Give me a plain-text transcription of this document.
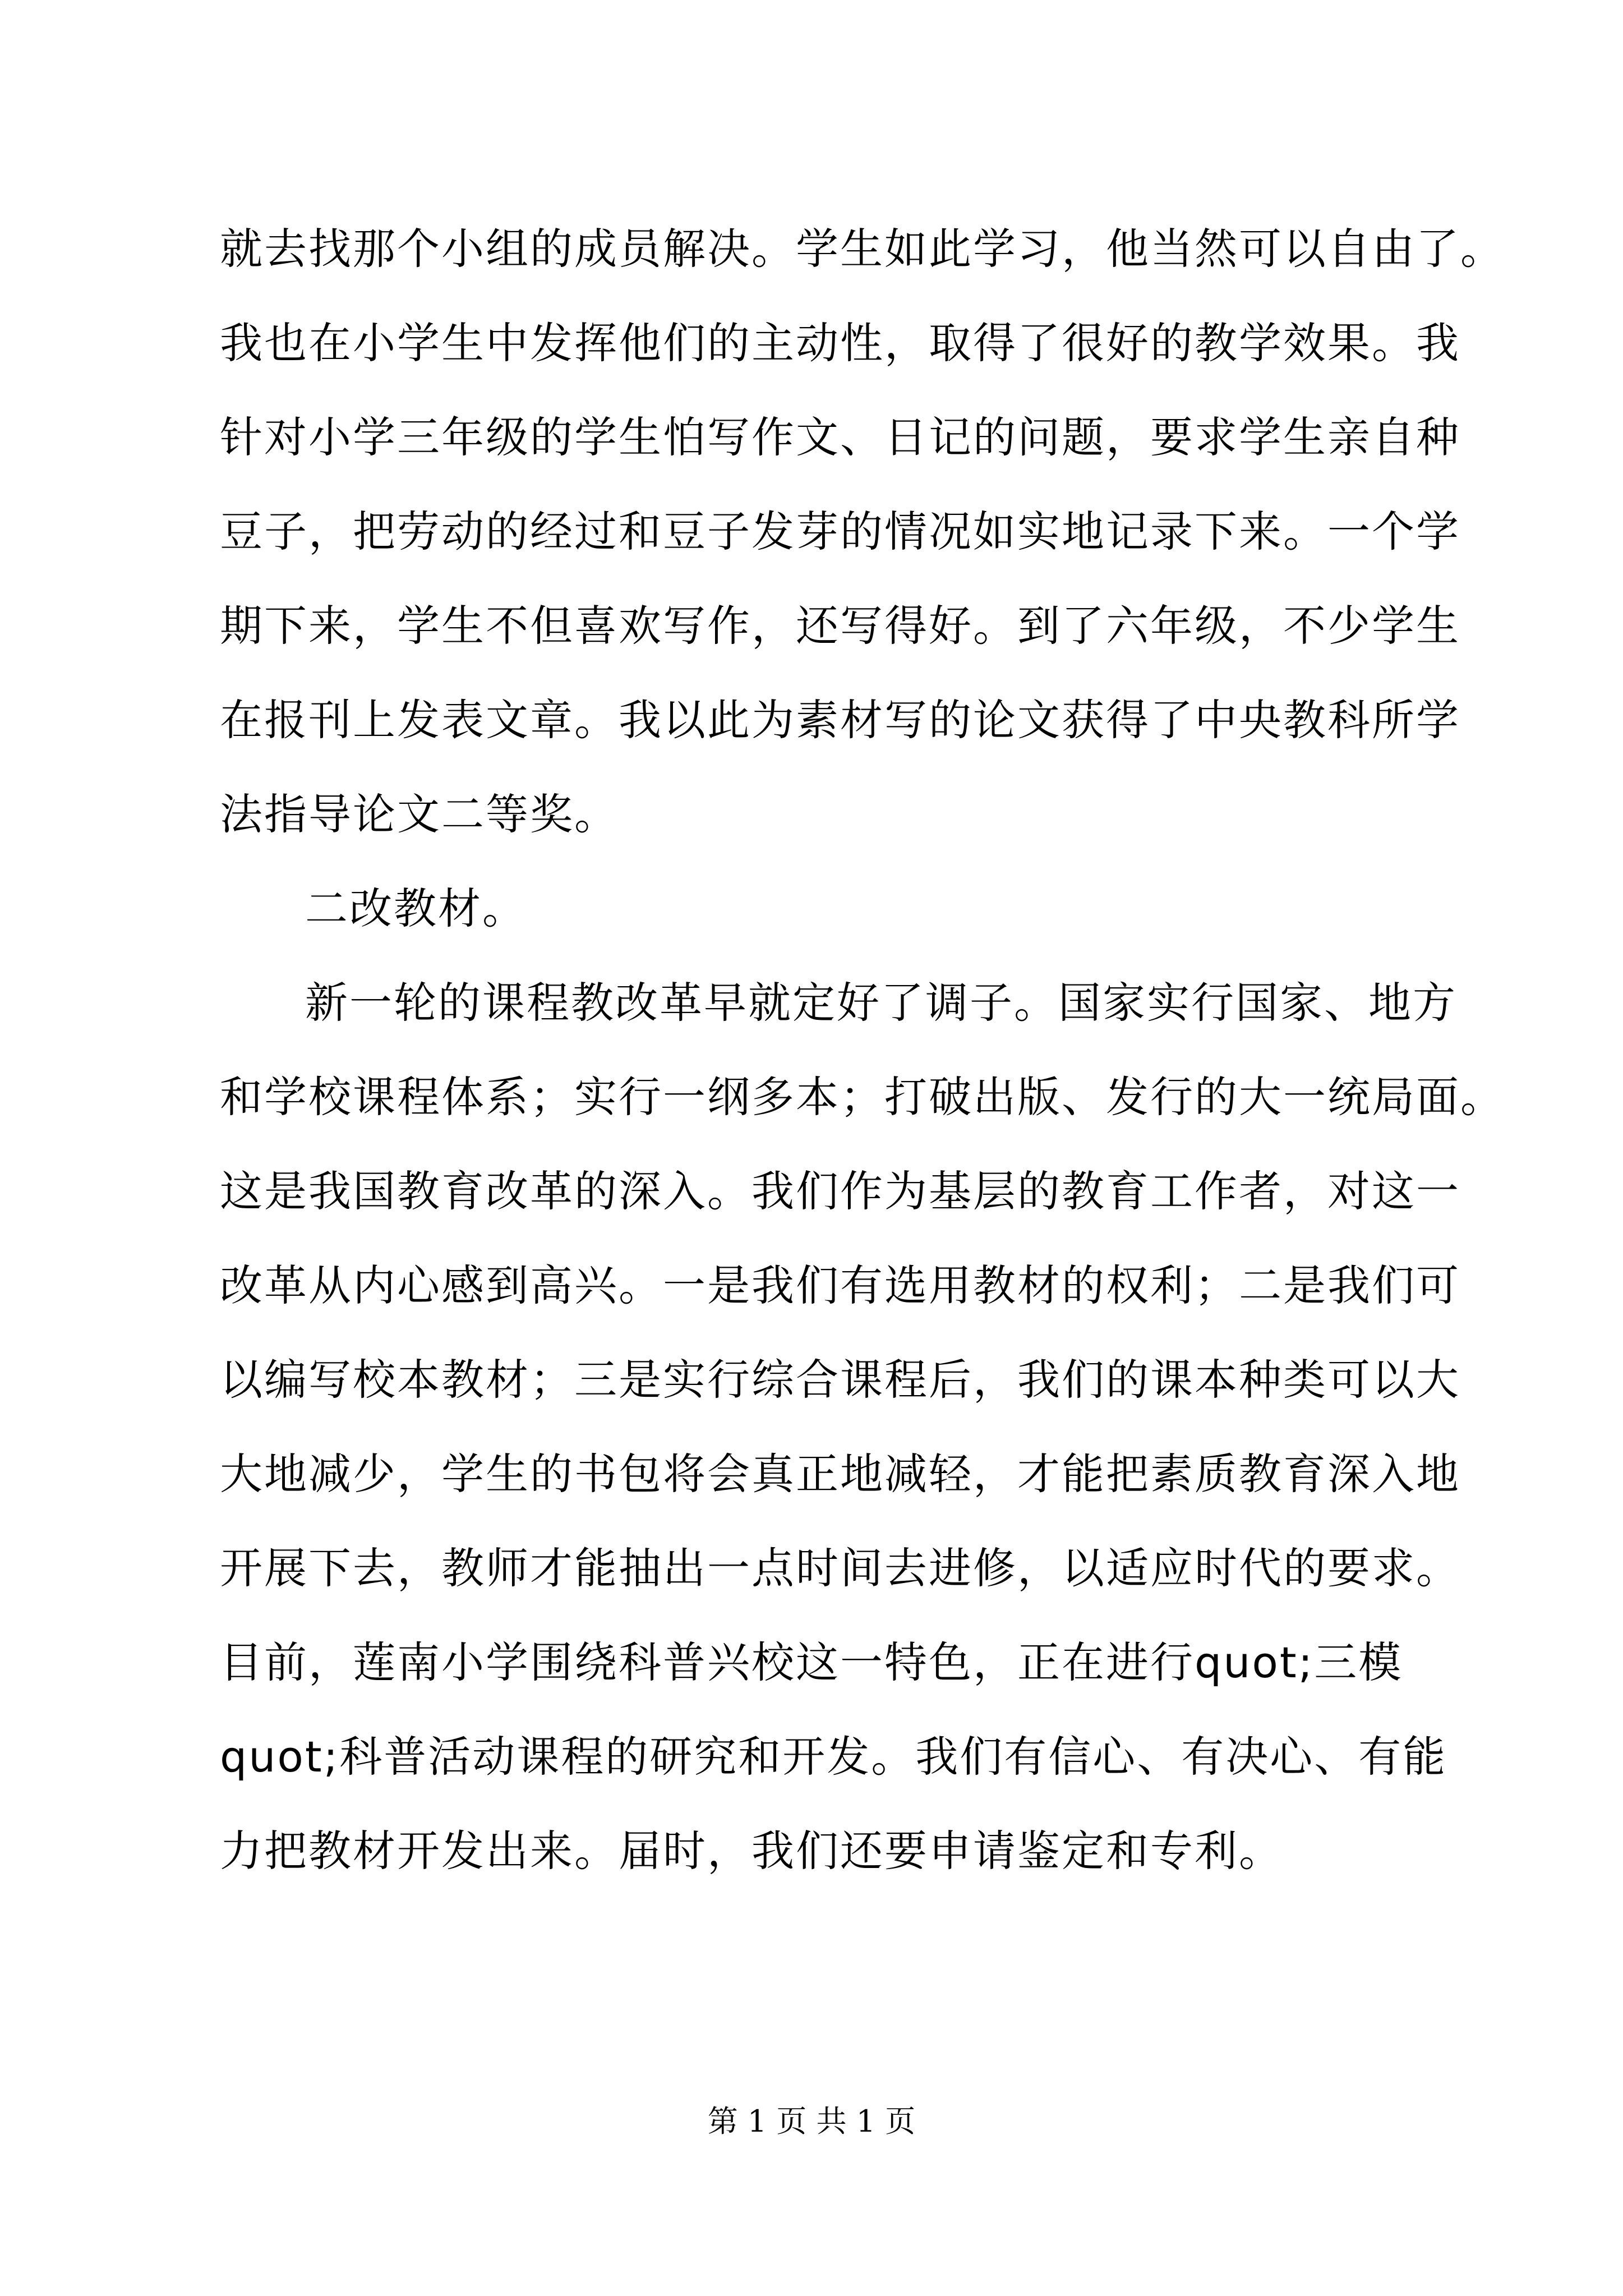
就去找那个小组的成员解决。学生如此学习，他当然可以自由了。
我也在小学生中发挥他们的主动性，取得了很好的教学效果。我
针对小学三年级的学生怕写作文、日记的问题，要求学生亲自种
豆子，把劳动的经过和豆子发芽的情况如实地记录下来。一个学
期下来，学生不但喜欢写作，还写得好。到了六年级，不少学生
在报刊上发表文章。我以此为素材写的论文获得了中央教科所学
法指导论文二等奖。
二改教材。
新一轮的课程教改革早就定好了调子。国家实行国家、地方
和学校课程体系；实行一纲多本；打破出版、发行的大一统局面。
这是我国教育改革的深入。我们作为基层的教育工作者，对这一
改革从内心感到高兴。一是我们有选用教材的权利；二是我们可
以编写校本教材；三是实行综合课程后，我们的课本种类可以大
大地减少，学生的书包将会真正地减轻，才能把素质教育深入地
开展下去，教师才能抽出一点时间去进修，以适应时代的要求。
目前，莲南小学围绕科普兴校这一特色，正在进行quot;三模
quot;科普活动课程的研究和开发。我们有信心、有决心、有能
力把教材开发出来。届时，我们还要申请鉴定和专利。
第 1 页 共 1 页
